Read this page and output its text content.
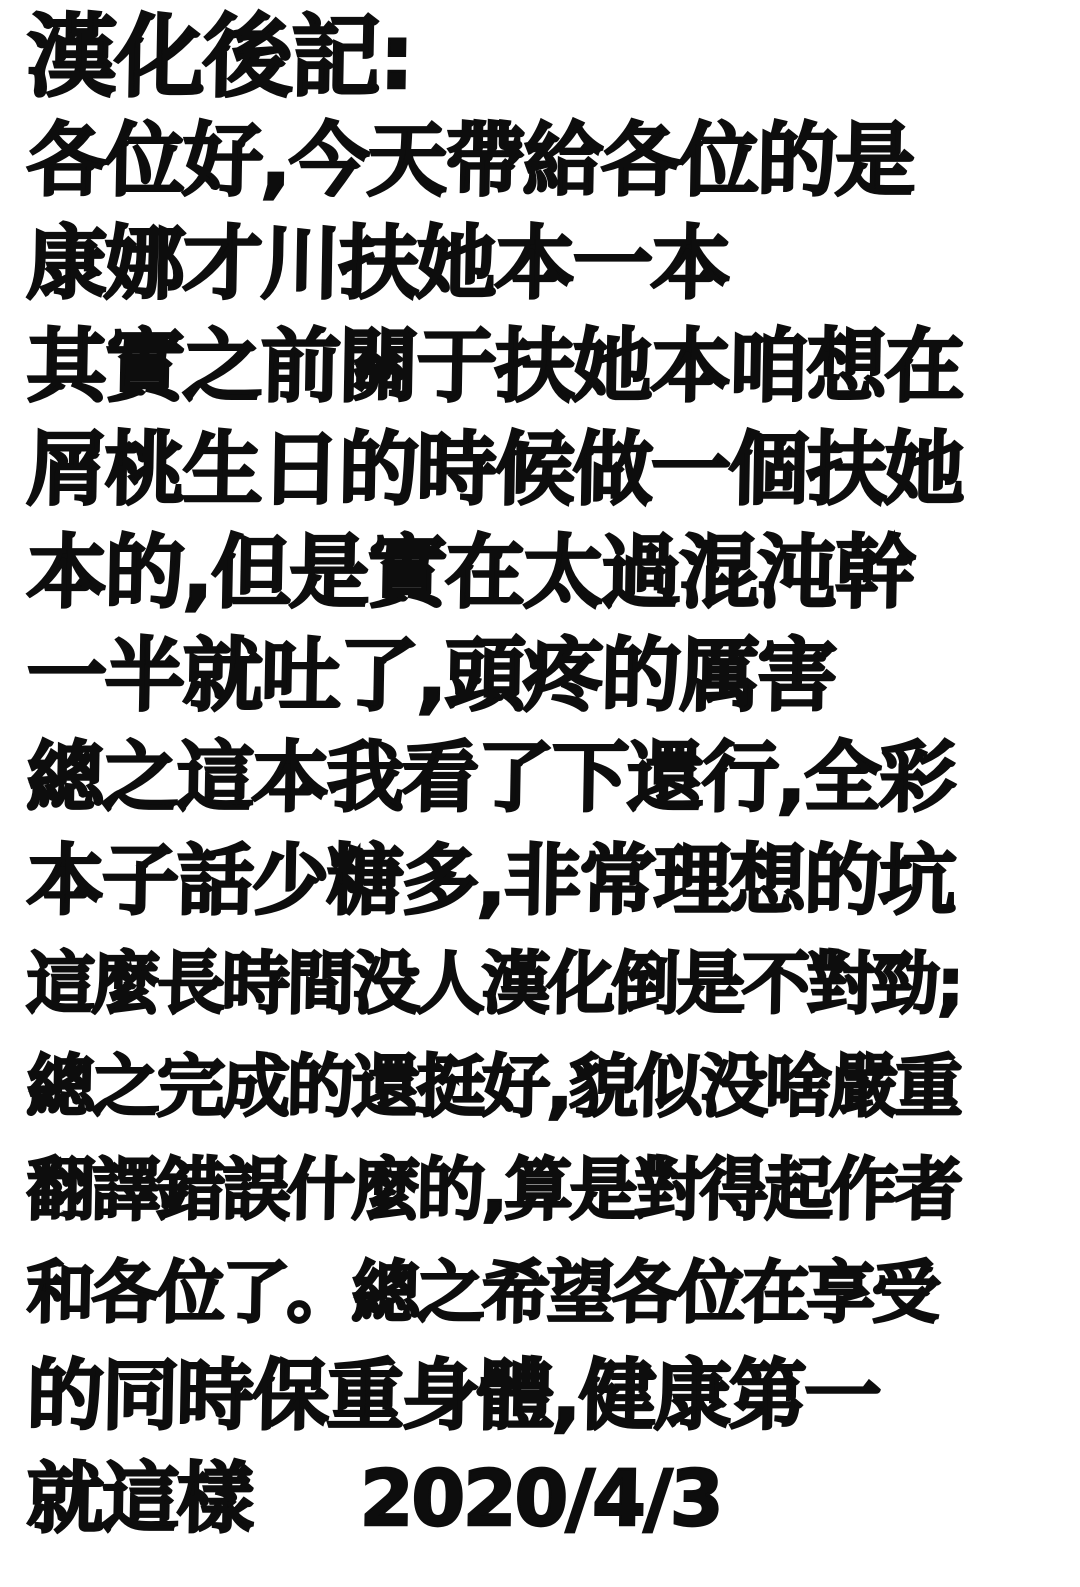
漢化後記:
各位好,今天帶給各位的是
康娜才川扶她本一本
其實之前關于扶她本咱想在
屑桃生日的時候做一個扶她
本的,但是實在太過混沌幹
一半就吐了,頭疼的厲害
總之這本我看了下還行,全彩
本子話少糖多,非常理想的坑
這麼長時間没人漢化倒是不對勁;
總之完成的還挺好,貌似没啥嚴重
翻譯錯誤什麼的,算是對得起作者
和各位了。總之希望各位在享受
的同時保重身體,健康第一
就這樣 2020/4/3
